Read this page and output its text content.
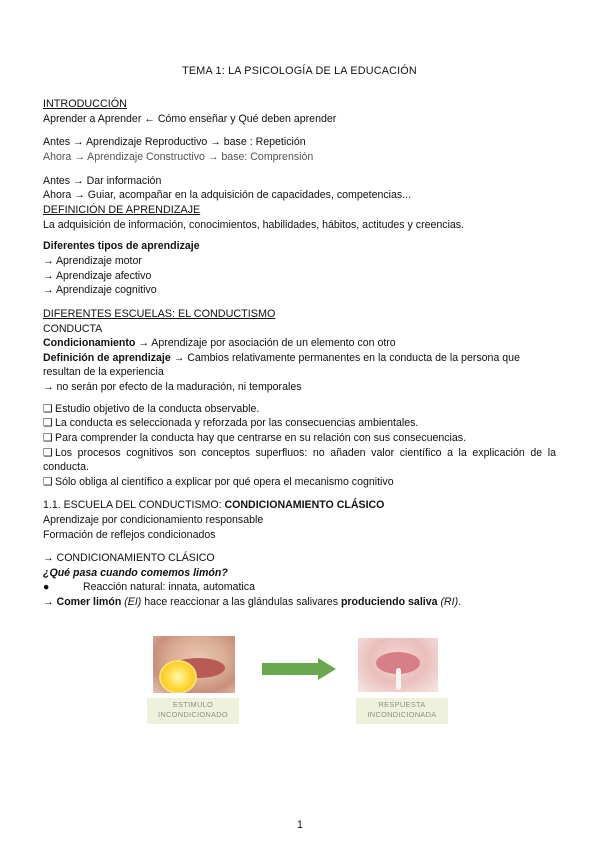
TEMA 1: LA PSICOLOGÍA DE LA EDUCACIÓN
INTRODUCCIÓN
Aprender a Aprender ← Cómo enseñar y Qué deben aprender
Antes → Aprendizaje Reproductivo → base : Repetición
Ahora → Aprendizaje Constructivo → base: Comprensión
Antes → Dar información
Ahora → Guiar, acompañar en la adquisición de capacidades, competencias...
DEFINICIÓN DE APRENDIZAJE
La adquisición de información, conocimientos, habilidades, hábitos, actitudes y creencias.
Diferentes tipos de aprendizaje
→ Aprendizaje motor
→ Aprendizaje afectivo
→ Aprendizaje cognitivo
DIFERENTES ESCUELAS: EL CONDUCTISMO
CONDUCTA
Condicionamiento → Aprendizaje por asociación de un elemento con otro
Definición de aprendizaje → Cambios relativamente permanentes en la conducta de la persona que resultan de la experiencia
→ no serán por efecto de la maduración, ni temporales
❑ Estudio objetivo de la conducta observable.
❑ La conducta es seleccionada y reforzada por las consecuencias ambientales.
❑ Para comprender la conducta hay que centrarse en su relación con sus consecuencias.
❑ Los procesos cognitivos son conceptos superfluos: no añaden valor científico a la explicación de la conducta.
❑ Sólo obliga al científico a explicar por qué opera el mecanismo cognitivo
1.1. ESCUELA DEL CONDUCTISMO: CONDICIONAMIENTO CLÁSICO
Aprendizaje por condicionamiento responsable
Formación de reflejos condicionados
→ CONDICIONAMIENTO CLÁSICO
¿Qué pasa cuando comemos limón?
●	Reacción natural: innata, automatica
→ Comer limón (EI) hace reaccionar a las glándulas salivares produciendo saliva (RI).
ESTIMULO
INCONDICIONADO
RESPUESTA
INCONDICIONADA
1
